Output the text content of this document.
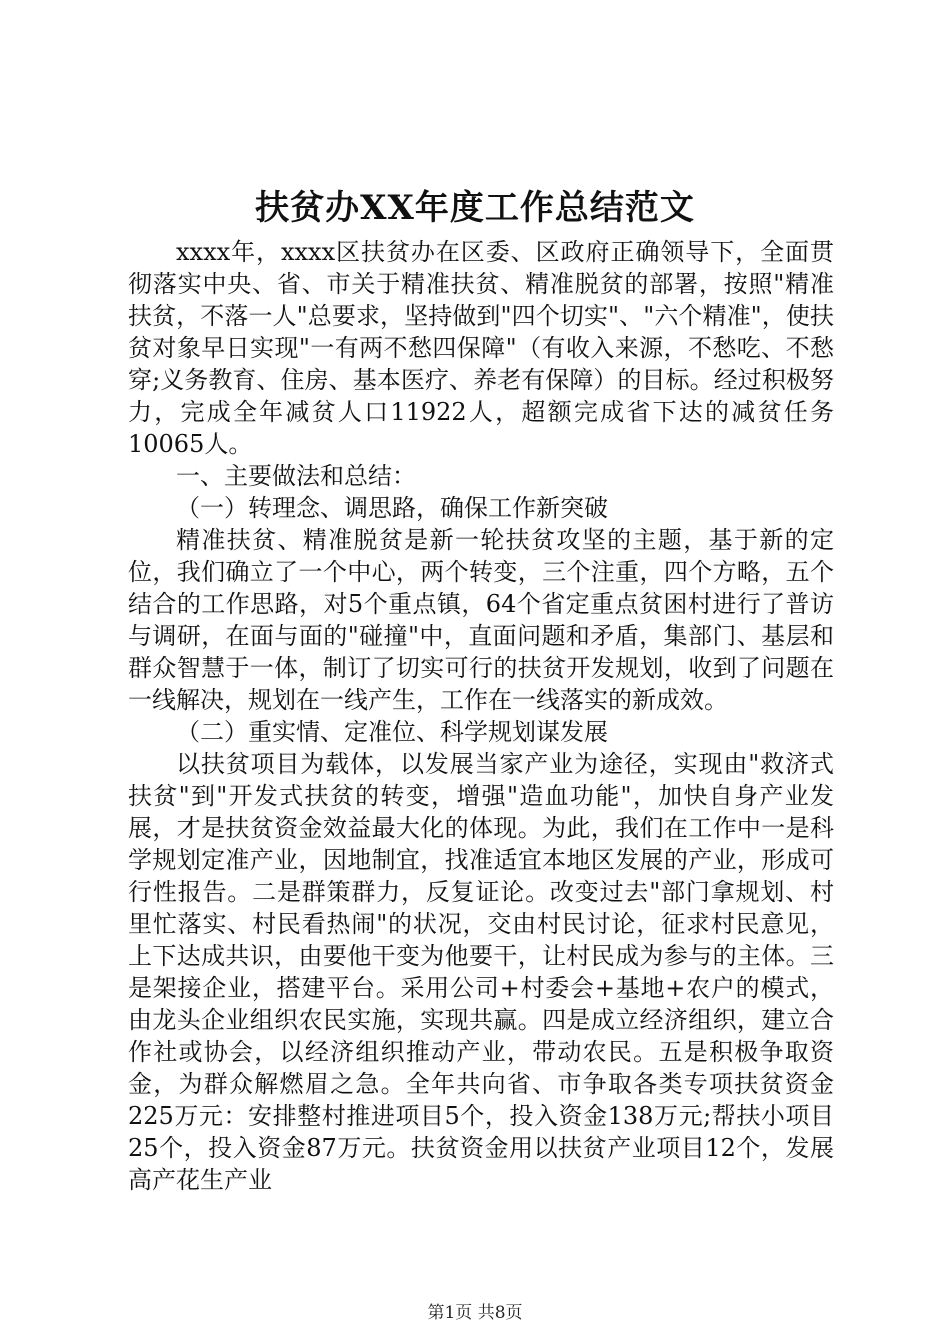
扶贫办XX年度工作总结范文

xxxx年，xxxx区扶贫办在区委、区政府正确领导下，全面贯彻落实中央、省、市关于精准扶贫、精准脱贫的部署，按照"精准扶贫，不落一人"总要求，坚持做到"四个切实"、"六个精准"，使扶贫对象早日实现"一有两不愁四保障"（有收入来源，不愁吃、不愁穿;义务教育、住房、基本医疗、养老有保障）的目标。经过积极努力，完成全年减贫人口11922人，超额完成省下达的减贫任务10065人。

一、主要做法和总结：

（一）转理念、调思路，确保工作新突破

精准扶贫、精准脱贫是新一轮扶贫攻坚的主题，基于新的定位，我们确立了一个中心，两个转变，三个注重，四个方略，五个结合的工作思路，对5个重点镇，64个省定重点贫困村进行了普访与调研，在面与面的"碰撞"中，直面问题和矛盾，集部门、基层和群众智慧于一体，制订了切实可行的扶贫开发规划，收到了问题在一线解决，规划在一线产生，工作在一线落实的新成效。

（二）重实情、定准位、科学规划谋发展

以扶贫项目为载体，以发展当家产业为途径，实现由"救济式扶贫"到"开发式扶贫的转变，增强"造血功能"，加快自身产业发展，才是扶贫资金效益最大化的体现。为此，我们在工作中一是科学规划定准产业，因地制宜，找准适宜本地区发展的产业，形成可行性报告。二是群策群力，反复证论。改变过去"部门拿规划、村里忙落实、村民看热闹"的状况，交由村民讨论，征求村民意见，上下达成共识，由要他干变为他要干，让村民成为参与的主体。三是架接企业，搭建平台。采用公司+村委会+基地+农户的模式，由龙头企业组织农民实施，实现共赢。四是成立经济组织，建立合作社或协会，以经济组织推动产业，带动农民。五是积极争取资金，为群众解燃眉之急。全年共向省、市争取各类专项扶贫资金225万元：安排整村推进项目5个，投入资金138万元;帮扶小项目25个，投入资金87万元。扶贫资金用以扶贫产业项目12个，发展高产花生产业

第1页 共8页
